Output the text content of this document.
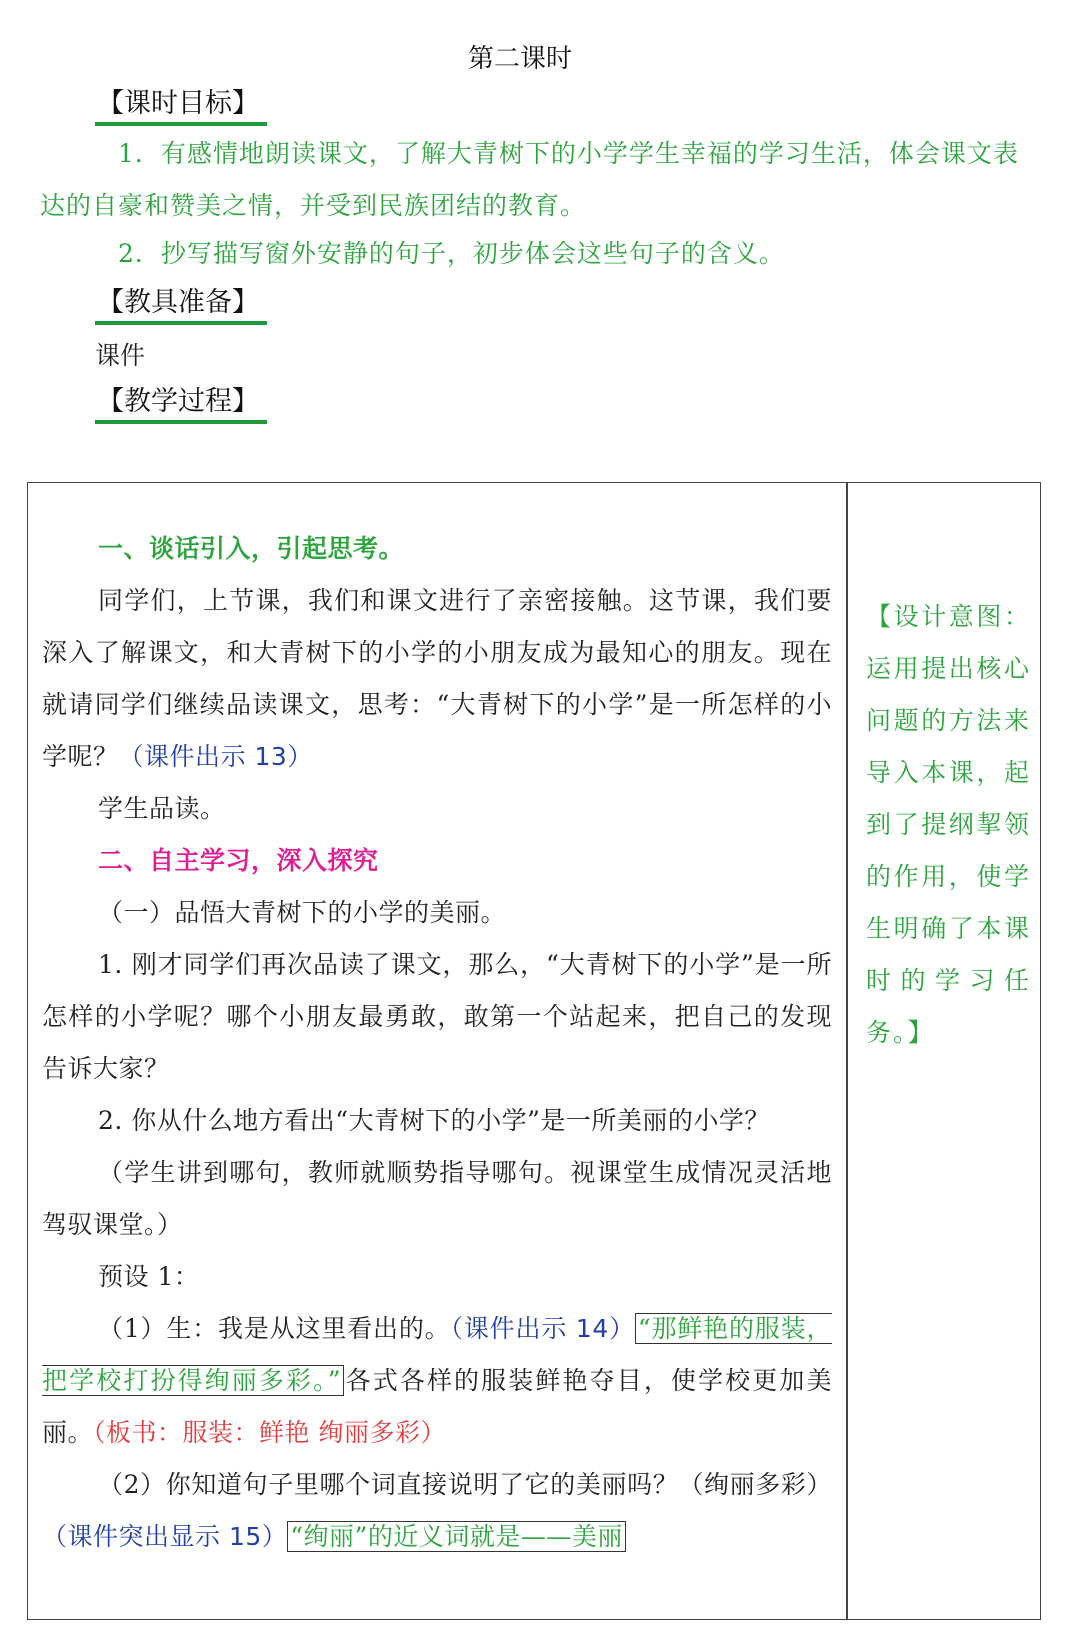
第二课时
【课时目标】
1．有感情地朗读课文，了解大青树下的小学学生幸福的学习生活，体会课文表达的自豪和赞美之情，并受到民族团结的教育。
2．抄写描写窗外安静的句子，初步体会这些句子的含义。
【教具准备】
课件
【教学过程】

一、谈话引入，引起思考。

同学们，上节课，我们和课文进行了亲密接触。这节课，我们要深入了解课文，和大青树下的小学的小朋友成为最知心的朋友。现在就请同学们继续品读课文，思考：“大青树下的小学”是一所怎样的小学呢？（课件出示 13）

学生品读。

二、自主学习，深入探究

（一）品悟大青树下的小学的美丽。

1. 刚才同学们再次品读了课文，那么，“大青树下的小学”是一所怎样的小学呢？哪个小朋友最勇敢，敢第一个站起来，把自己的发现告诉大家？

2. 你从什么地方看出“大青树下的小学”是一所美丽的小学？

（学生讲到哪句，教师就顺势指导哪句。视课堂生成情况灵活地驾驭课堂。）

预设 1：

（1）生：我是从这里看出的。（课件出示 14） “那鲜艳的服装，把学校打扮得绚丽多彩。” 各式各样的服装鲜艳夺目，使学校更加美丽。（板书：服装：鲜艳 绚丽多彩）

（2）你知道句子里哪个词直接说明了它的美丽吗？（绚丽多彩）（课件突出显示 15） “绚丽”的近义词就是——美丽

【设计意图：运用提出核心问题的方法来导入本课，起到了提纲挈领的作用，使学生明确了本课时的学习任务。】
